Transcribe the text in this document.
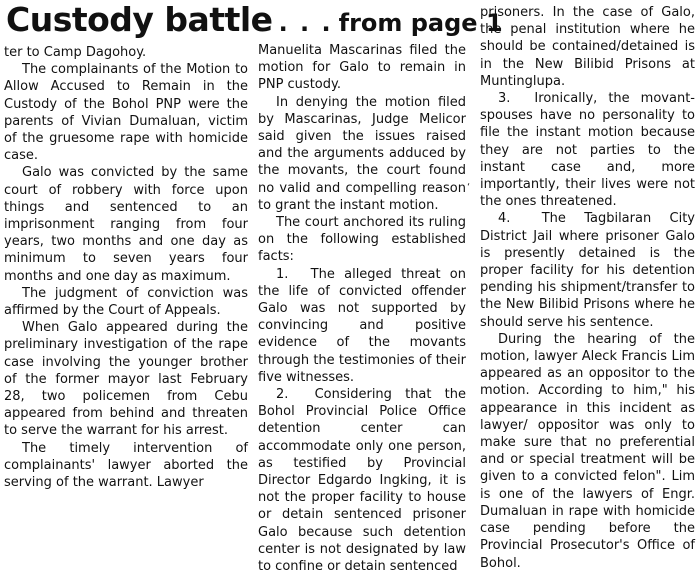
Custody battle . . . from page 1

ter to Camp Dagohoy.

The complainants of the Motion to Allow Accused to Remain in the Custody of the Bohol PNP were the parents of Vivian Dumaluan, victim of the gruesome rape with homicide case.

Galo was convicted by the same court of robbery with force upon things and sentenced to an imprisonment ranging from four years, two months and one day as minimum to seven years four months and one day as maximum.

The judgment of conviction was affirmed by the Court of Appeals.

When Galo appeared during the preliminary investigation of the rape case involving the younger brother of the former mayor last February 28, two policemen from Cebu appeared from behind and threaten to serve the warrant for his arrest.

The timely intervention of complainants' lawyer aborted the serving of the warrant. Lawyer

Manuelita Mascarinas filed the motion for Galo to remain in PNP custody.

In denying the motion filed by Mascarinas, Judge Melicor said given the issues raised and the arguments adduced by the movants, the court found no valid and compelling reason to grant the instant motion.

The court anchored its ruling on the following established facts:

1.  The alleged threat on the life of convicted offender Galo was not supported by convincing and positive evidence of the movants through the testimonies of their five witnesses.

2.  Considering that the Bohol Provincial Police Office detention center can accommodate only one person, as testified by Provincial Director Edgardo Ingking, it is not the proper facility to house or detain sentenced prisoner Galo because such detention center is not designated by law to confine or detain sentenced

prisoners. In the case of Galo, the penal institution where he should be contained/detained is in the New Bilibid Prisons at Muntinglupa.

3.  Ironically, the movant-spouses have no personality to file the instant motion because they are not parties to the instant case and, more importantly, their lives were not the ones threatened.

4.  The Tagbilaran City District Jail where prisoner Galo is presently detained is the proper facility for his detention pending his shipment/transfer to the New Bilibid Prisons where he should serve his sentence.

During the hearing of the motion, lawyer Aleck Francis Lim appeared as an oppositor to the motion. According to him," his appearance in this incident as lawyer/ oppositor was only to make sure that no preferential and or special treatment will be given to a convicted felon". Lim is one of the lawyers of Engr. Dumaluan in rape with homicide case pending before the Provincial Prosecutor's Office of Bohol.

‘
